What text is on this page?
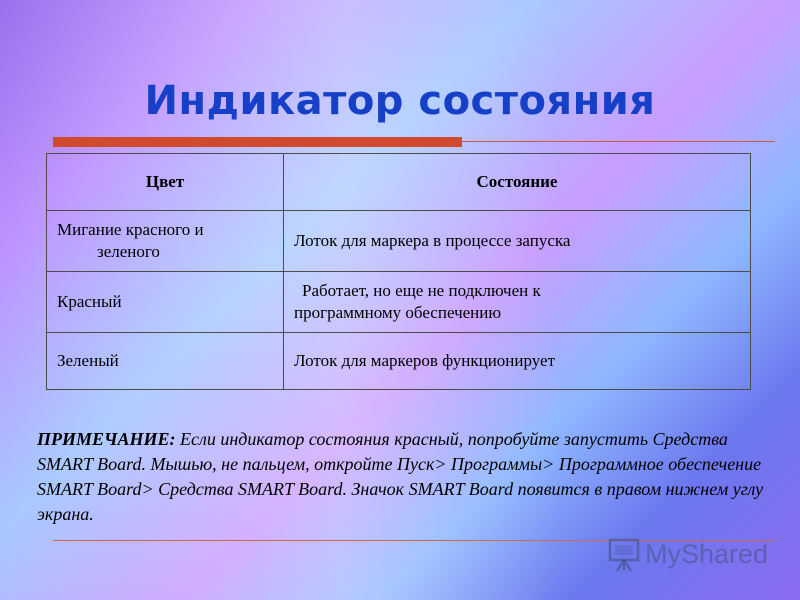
Индикатор состояния
Цвет	Состояние

Мигание красного и
зеленого	Лоток для маркера в процессе запуска

Красный	Работает, но еще не подключен к
программному обеспечению

Зеленый	Лоток для маркеров функционирует

ПРИМЕЧАНИЕ: Если индикатор состояния красный, попробуйте запустить Средства SMART Board. Мышью, не пальцем, откройте Пуск> Программы> Программное обеспечение SMART Board> Средства SMART Board. Значок SMART Board появится в правом нижнем углу экрана.

MyShared
